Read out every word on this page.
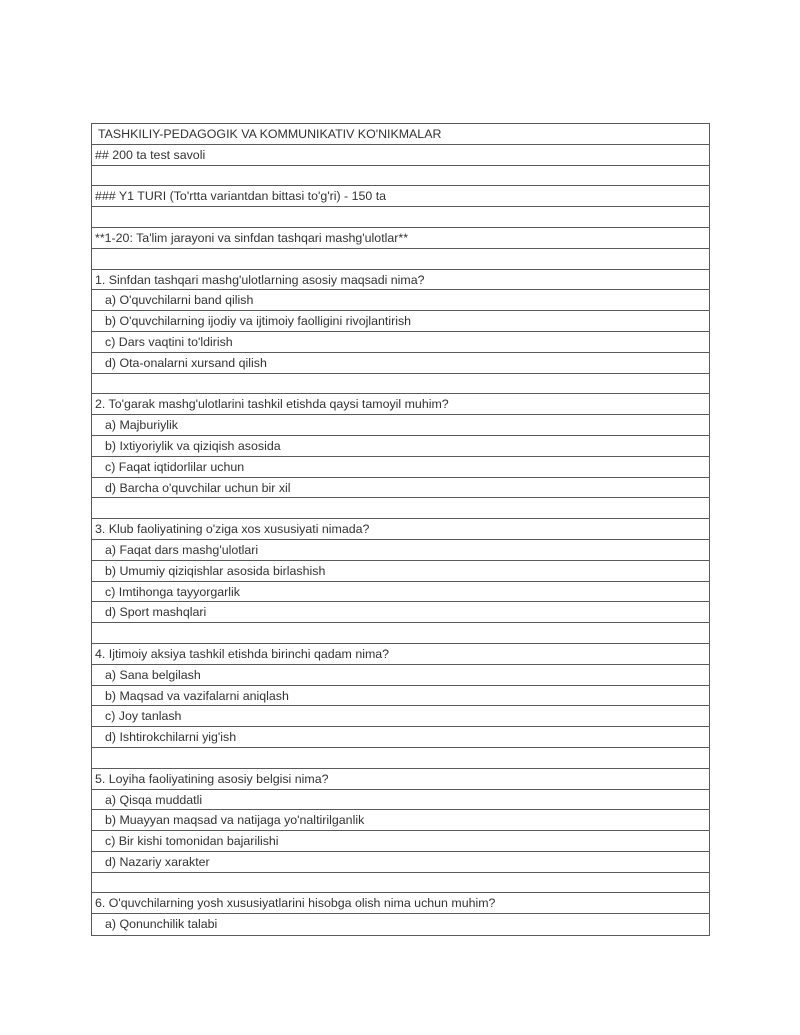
TASHKILIY-PEDAGOGIK VA KOMMUNIKATIV KO'NIKMALAR
## 200 ta test savoli
### Y1 TURI (To'rtta variantdan bittasi to'g'ri) - 150 ta
**1-20: Ta'lim jarayoni va sinfdan tashqari mashg'ulotlar**
1. Sinfdan tashqari mashg'ulotlarning asosiy maqsadi nima?
a) O'quvchilarni band qilish
b) O'quvchilarning ijodiy va ijtimoiy faolligini rivojlantirish
c) Dars vaqtini to'ldirish
d) Ota-onalarni xursand qilish
2. To'garak mashg'ulotlarini tashkil etishda qaysi tamoyil muhim?
a) Majburiylik
b) Ixtiyoriylik va qiziqish asosida
c) Faqat iqtidorlilar uchun
d) Barcha o'quvchilar uchun bir xil
3. Klub faoliyatining o'ziga xos xususiyati nimada?
a) Faqat dars mashg'ulotlari
b) Umumiy qiziqishlar asosida birlashish
c) Imtihonga tayyorgarlik
d) Sport mashqlari
4. Ijtimoiy aksiya tashkil etishda birinchi qadam nima?
a) Sana belgilash
b) Maqsad va vazifalarni aniqlash
c) Joy tanlash
d) Ishtirokchilarni yig'ish
5. Loyiha faoliyatining asosiy belgisi nima?
a) Qisqa muddatli
b) Muayyan maqsad va natijaga yo'naltirilganlik
c) Bir kishi tomonidan bajarilishi
d) Nazariy xarakter
6. O'quvchilarning yosh xususiyatlarini hisobga olish nima uchun muhim?
a) Qonunchilik talabi
